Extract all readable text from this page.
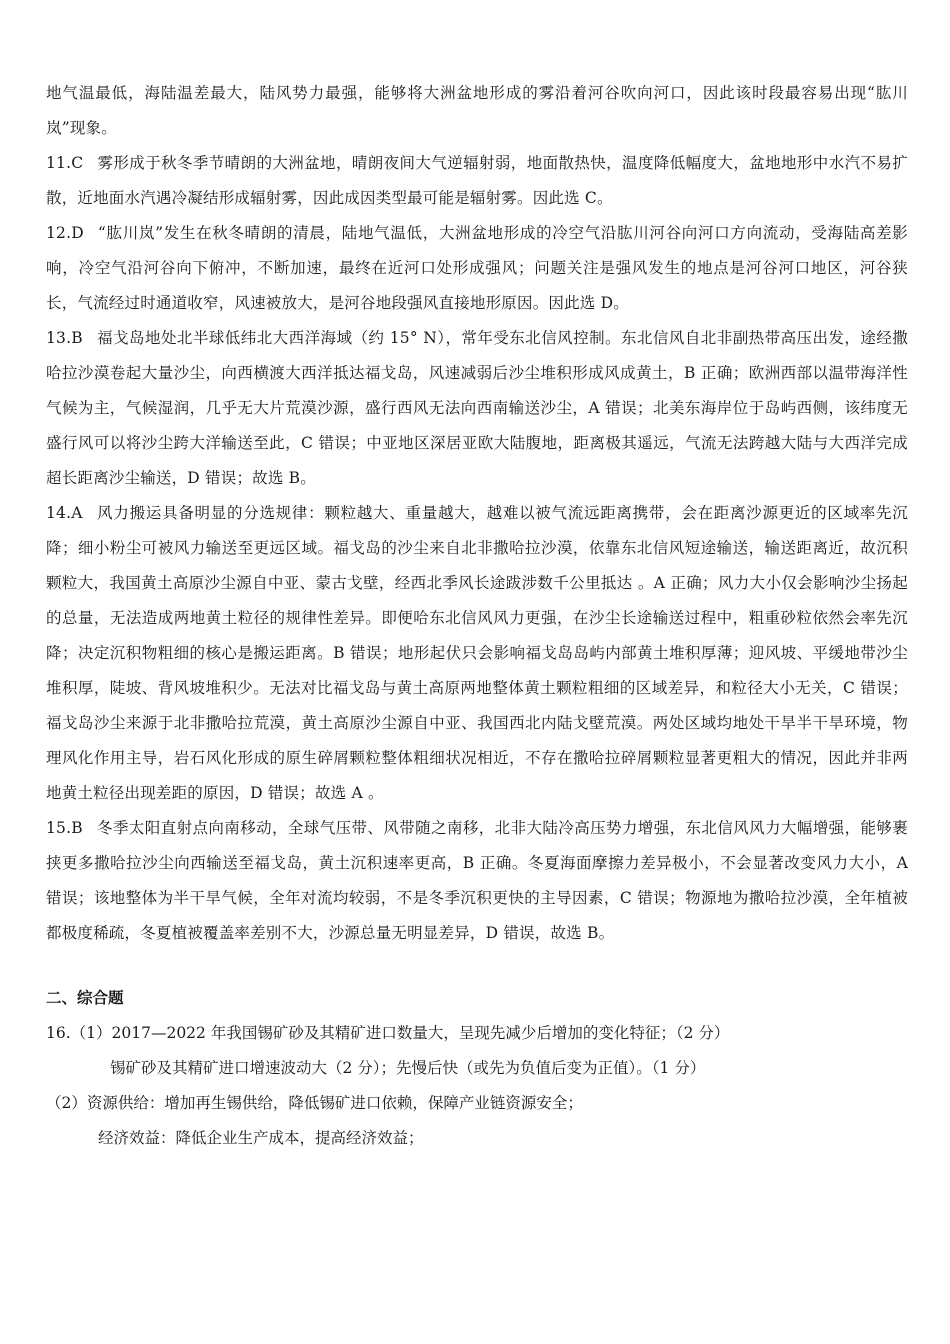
地气温最低，海陆温差最大，陆风势力最强，能够将大洲盆地形成的雾沿着河谷吹向河口，因此该时段最容易出现“肱川岚”现象。

11.C 雾形成于秋冬季节晴朗的大洲盆地，晴朗夜间大气逆辐射弱，地面散热快，温度降低幅度大，盆地地形中水汽不易扩散，近地面水汽遇冷凝结形成辐射雾，因此成因类型最可能是辐射雾。因此选 C。

12.D “肱川岚”发生在秋冬晴朗的清晨，陆地气温低，大洲盆地形成的冷空气沿肱川河谷向河口方向流动，受海陆高差影响，冷空气沿河谷向下俯冲，不断加速，最终在近河口处形成强风；问题关注是强风发生的地点是河谷河口地区，河谷狭长，气流经过时通道收窄，风速被放大，是河谷地段强风直接地形原因。因此选 D。

13.B 福戈岛地处北半球低纬北大西洋海域（约 15° N），常年受东北信风控制。东北信风自北非副热带高压出发，途经撒哈拉沙漠卷起大量沙尘，向西横渡大西洋抵达福戈岛，风速减弱后沙尘堆积形成风成黄土，B 正确；欧洲西部以温带海洋性气候为主，气候湿润，几乎无大片荒漠沙源，盛行西风无法向西南输送沙尘，A 错误；北美东海岸位于岛屿西侧，该纬度无盛行风可以将沙尘跨大洋输送至此，C 错误；中亚地区深居亚欧大陆腹地，距离极其遥远，气流无法跨越大陆与大西洋完成超长距离沙尘输送，D 错误；故选 B。

14.A 风力搬运具备明显的分选规律：颗粒越大、重量越大，越难以被气流远距离携带，会在距离沙源更近的区域率先沉降；细小粉尘可被风力输送至更远区域。福戈岛的沙尘来自北非撒哈拉沙漠，依靠东北信风短途输送，输送距离近，故沉积颗粒大，我国黄土高原沙尘源自中亚、蒙古戈壁，经西北季风长途跋涉数千公里抵达 。A 正确；风力大小仅会影响沙尘扬起的总量，无法造成两地黄土粒径的规律性差异。即便哈东北信风风力更强，在沙尘长途输送过程中，粗重砂粒依然会率先沉降；决定沉积物粗细的核心是搬运距离。B 错误；地形起伏只会影响福戈岛岛屿内部黄土堆积厚薄；迎风坡、平缓地带沙尘堆积厚，陡坡、背风坡堆积少。无法对比福戈岛与黄土高原两地整体黄土颗粒粗细的区域差异，和粒径大小无关，C 错误；福戈岛沙尘来源于北非撒哈拉荒漠，黄土高原沙尘源自中亚、我国西北内陆戈壁荒漠。两处区域均地处干旱半干旱环境，物理风化作用主导，岩石风化形成的原生碎屑颗粒整体粗细状况相近，不存在撒哈拉碎屑颗粒显著更粗大的情况，因此并非两地黄土粒径出现差距的原因，D 错误；故选 A 。

15.B 冬季太阳直射点向南移动，全球气压带、风带随之南移，北非大陆冷高压势力增强，东北信风风力大幅增强，能够裹挟更多撒哈拉沙尘向西输送至福戈岛，黄土沉积速率更高，B 正确。冬夏海面摩擦力差异极小，不会显著改变风力大小，A 错误；该地整体为半干旱气候，全年对流均较弱，不是冬季沉积更快的主导因素，C 错误；物源地为撒哈拉沙漠，全年植被都极度稀疏，冬夏植被覆盖率差别不大，沙源总量无明显差异，D 错误，故选 B。

二、综合题

16.（1）2017—2022 年我国锡矿砂及其精矿进口数量大，呈现先减少后增加的变化特征；（2 分）

锡矿砂及其精矿进口增速波动大（2 分）；先慢后快（或先为负值后变为正值）。（1 分）

（2）资源供给：增加再生锡供给，降低锡矿进口依赖，保障产业链资源安全；

经济效益：降低企业生产成本，提高经济效益；
